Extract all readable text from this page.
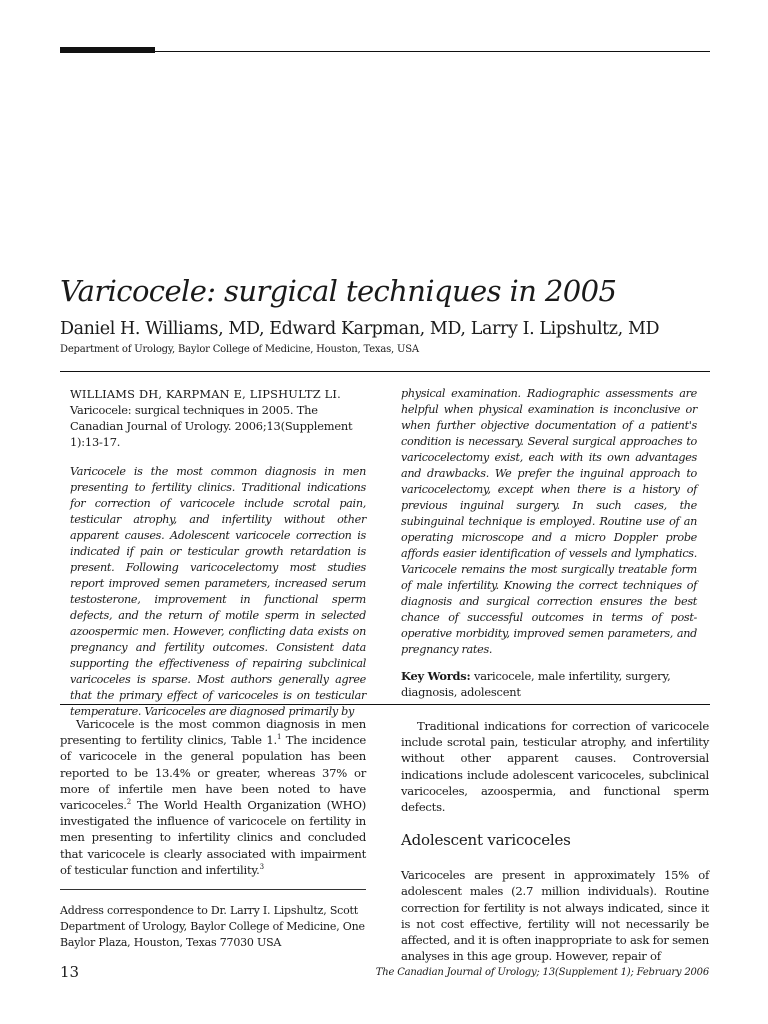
Varicocele: surgical techniques in 2005
Daniel H. Williams, MD, Edward Karpman, MD, Larry I. Lipshultz, MD
Department of Urology, Baylor College of Medicine, Houston, Texas, USA
WILLIAMS DH, KARPMAN E, LIPSHULTZ LI.
Varicocele: surgical techniques in 2005. The Canadian Journal of Urology. 2006;13(Supplement 1):13-17.
Varicocele is the most common diagnosis in men presenting to fertility clinics. Traditional indications for correction of varicocele include scrotal pain, testicular atrophy, and infertility without other apparent causes. Adolescent varicocele correction is indicated if pain or testicular growth retardation is present. Following varicocelectomy most studies report improved semen parameters, increased serum testosterone, improvement in functional sperm defects, and the return of motile sperm in selected azoospermic men. However, conflicting data exists on pregnancy and fertility outcomes. Consistent data supporting the effectiveness of repairing subclinical varicoceles is sparse. Most authors generally agree that the primary effect of varicoceles is on testicular temperature. Varicoceles are diagnosed primarily by
physical examination. Radiographic assessments are helpful when physical examination is inconclusive or when further objective documentation of a patient's condition is necessary. Several surgical approaches to varicocelectomy exist, each with its own advantages and drawbacks. We prefer the inguinal approach to varicocelectomy, except when there is a history of previous inguinal surgery. In such cases, the subinguinal technique is employed. Routine use of an operating microscope and a micro Doppler probe affords easier identification of vessels and lymphatics. Varicocele remains the most surgically treatable form of male infertility. Knowing the correct techniques of diagnosis and surgical correction ensures the best chance of successful outcomes in terms of post-operative morbidity, improved semen parameters, and pregnancy rates.
Key Words: varicocele, male infertility, surgery, diagnosis, adolescent

Varicocele is the most common diagnosis in men presenting to fertility clinics, Table 1.$^1$ The incidence of varicocele in the general population has been reported to be 13.4% or greater, whereas 37% or more of infertile men have been noted to have varicoceles.$^2$ The World Health Organization (WHO) investigated the influence of varicocele on fertility in men presenting to infertility clinics and concluded that varicocele is clearly associated with impairment of testicular function and infertility.$^3$

Address correspondence to Dr. Larry I. Lipshultz, Scott
Department of Urology, Baylor College of Medicine, One
Baylor Plaza, Houston, Texas 77030 USA

Traditional indications for correction of varicocele include scrotal pain, testicular atrophy, and infertility without other apparent causes. Controversial indications include adolescent varicoceles, subclinical varicoceles, azoospermia, and functional sperm defects.

Adolescent varicoceles

Varicoceles are present in approximately 15% of adolescent males (2.7 million individuals). Routine correction for fertility is not always indicated, since it is not cost effective, fertility will not necessarily be affected, and it is often inappropriate to ask for semen analyses in this age group. However, repair of

13	The Canadian Journal of Urology; 13(Supplement 1); February 2006
